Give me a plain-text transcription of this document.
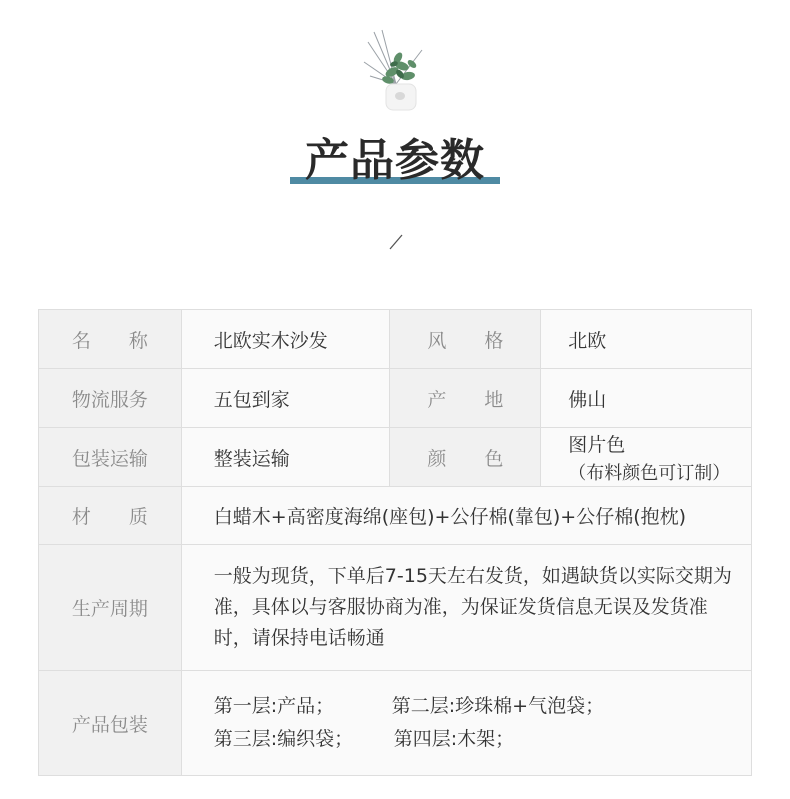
产品参数
名　　称	北欧实木沙发	风　　格	北欧
物流服务	五包到家	产　　地	佛山
包装运输	整装运输	颜　　色	图片色
（布料颜色可订制）

材　　质	白蜡木+高密度海绵(座包)+公仔棉(靠包)+公仔棉(抱枕)		
生产周期	一般为现货，下单后7-15天左右发货，如遇缺货以实际交期为准，具体以与客服协商为准，为保证发货信息无误及发货准时，请保持电话畅通		
产品包装	第一层:产品； 第二层:珍珠棉+气泡袋；
第三层:编织袋； 第四层:木架；		
